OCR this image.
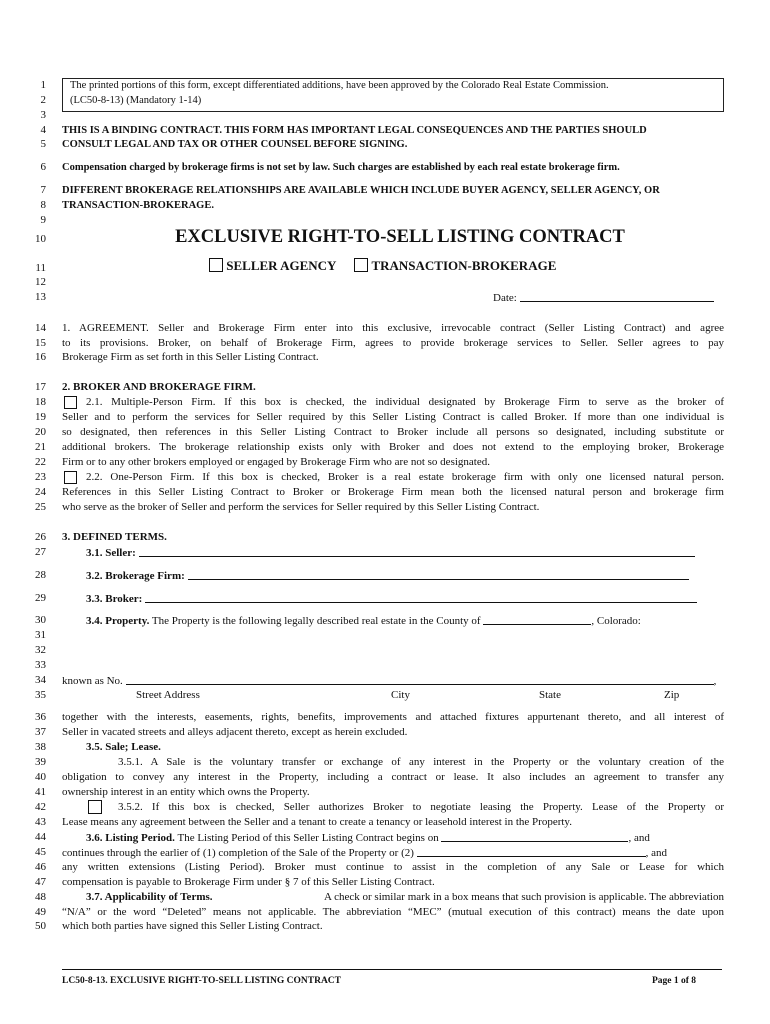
1
2
3
4
5
6
7
8
9
10
11
12
13
14
15
16
17
18
19
20
21
22
23
24
25
26
27
28
29
30
31
32
33
34
35
36
37
38
39
40
41
42
43
44
45
46
47
48
49
50
The printed portions of this form, except differentiated additions, have been approved by the Colorado Real Estate Commission.
(LC50-8-13) (Mandatory 1-14)
THIS IS A BINDING CONTRACT. THIS FORM HAS IMPORTANT LEGAL CONSEQUENCES AND THE PARTIES SHOULD
CONSULT LEGAL AND TAX OR OTHER COUNSEL BEFORE SIGNING.
Compensation charged by brokerage firms is not set by law. Such charges are established by each real estate brokerage firm.
DIFFERENT BROKERAGE RELATIONSHIPS ARE AVAILABLE WHICH INCLUDE BUYER AGENCY, SELLER AGENCY, OR
TRANSACTION-BROKERAGE.
EXCLUSIVE RIGHT-TO-SELL LISTING CONTRACT
SELLER AGENCY	TRANSACTION-BROKERAGE
Date:
1. AGREEMENT. Seller and Brokerage Firm enter into this exclusive, irrevocable contract (Seller Listing Contract) and agree
to its provisions. Broker, on behalf of Brokerage Firm, agrees to provide brokerage services to Seller. Seller agrees to pay
Brokerage Firm as set forth in this Seller Listing Contract.
2. BROKER AND BROKERAGE FIRM.
2.1. Multiple-Person Firm. If this box is checked, the individual designated by Brokerage Firm to serve as the broker of
Seller and to perform the services for Seller required by this Seller Listing Contract is called Broker. If more than one individual is
so designated, then references in this Seller Listing Contract to Broker include all persons so designated, including substitute or
additional brokers. The brokerage relationship exists only with Broker and does not extend to the employing broker, Brokerage
Firm or to any other brokers employed or engaged by Brokerage Firm who are not so designated.
2.2. One-Person Firm. If this box is checked, Broker is a real estate brokerage firm with only one licensed natural person.
References in this Seller Listing Contract to Broker or Brokerage Firm mean both the licensed natural person and brokerage firm
who serve as the broker of Seller and perform the services for Seller required by this Seller Listing Contract.
3. DEFINED TERMS.
3.1. Seller:
3.2. Brokerage Firm:
3.3. Broker:
3.4. Property. The Property is the following legally described real estate in the County of	, Colorado:
known as No.	,
Street Address	City	State	Zip
together with the interests, easements, rights, benefits, improvements and attached fixtures appurtenant thereto, and all interest of
Seller in vacated streets and alleys adjacent thereto, except as herein excluded.
3.5. Sale; Lease.
3.5.1. A Sale is the voluntary transfer or exchange of any interest in the Property or the voluntary creation of the
obligation to convey any interest in the Property, including a contract or lease. It also includes an agreement to transfer any
ownership interest in an entity which owns the Property.
3.5.2. If this box is checked, Seller authorizes Broker to negotiate leasing the Property. Lease of the Property or
Lease means any agreement between the Seller and a tenant to create a tenancy or leasehold interest in the Property.
3.6. Listing Period. The Listing Period of this Seller Listing Contract begins on	, and
continues through the earlier of (1) completion of the Sale of the Property or (2)	, and
any written extensions (Listing Period). Broker must continue to assist in the completion of any Sale or Lease for which
compensation is payable to Brokerage Firm under § 7 of this Seller Listing Contract.
3.7. Applicability of Terms.	A check or similar mark in a box means that such provision is applicable. The abbreviation
“N/A” or the word “Deleted” means not applicable. The abbreviation “MEC” (mutual execution of this contract) means the date upon
which both parties have signed this Seller Listing Contract.
LC50-8-13. EXCLUSIVE RIGHT-TO-SELL LISTING CONTRACT	Page 1 of 8
